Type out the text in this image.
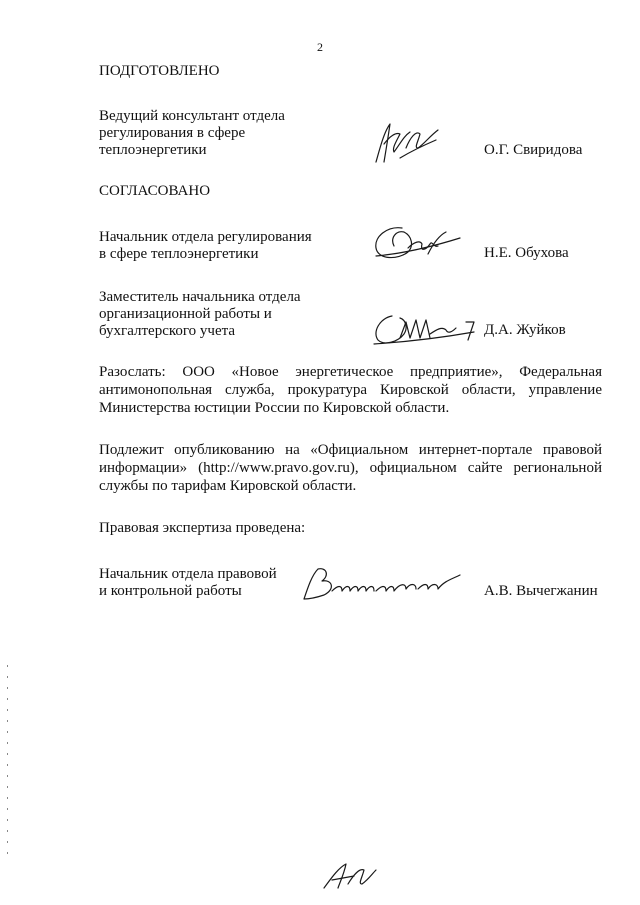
2
ПОДГОТОВЛЕНО
Ведущий консультант отдела
регулирования в сфере
теплоэнергетики	О.Г. Свиридова
СОГЛАСОВАНО
Начальник отдела регулирования
в сфере теплоэнергетики	Н.Е. Обухова
Заместитель начальника отдела
организационной работы и
бухгалтерского учета	Д.А. Жуйков
Разослать: ООО «Новое энергетическое предприятие», Федеральная
антимонопольная служба, прокуратура Кировской области, управление
Министерства юстиции России по Кировской области.
Подлежит опубликованию на «Официальном интернет-портале правовой
информации» (http://www.pravo.gov.ru), официальном сайте региональной
службы по тарифам Кировской области.
Правовая экспертиза проведена:
Начальник отдела правовой
и контрольной работы	А.В. Вычегжанин
